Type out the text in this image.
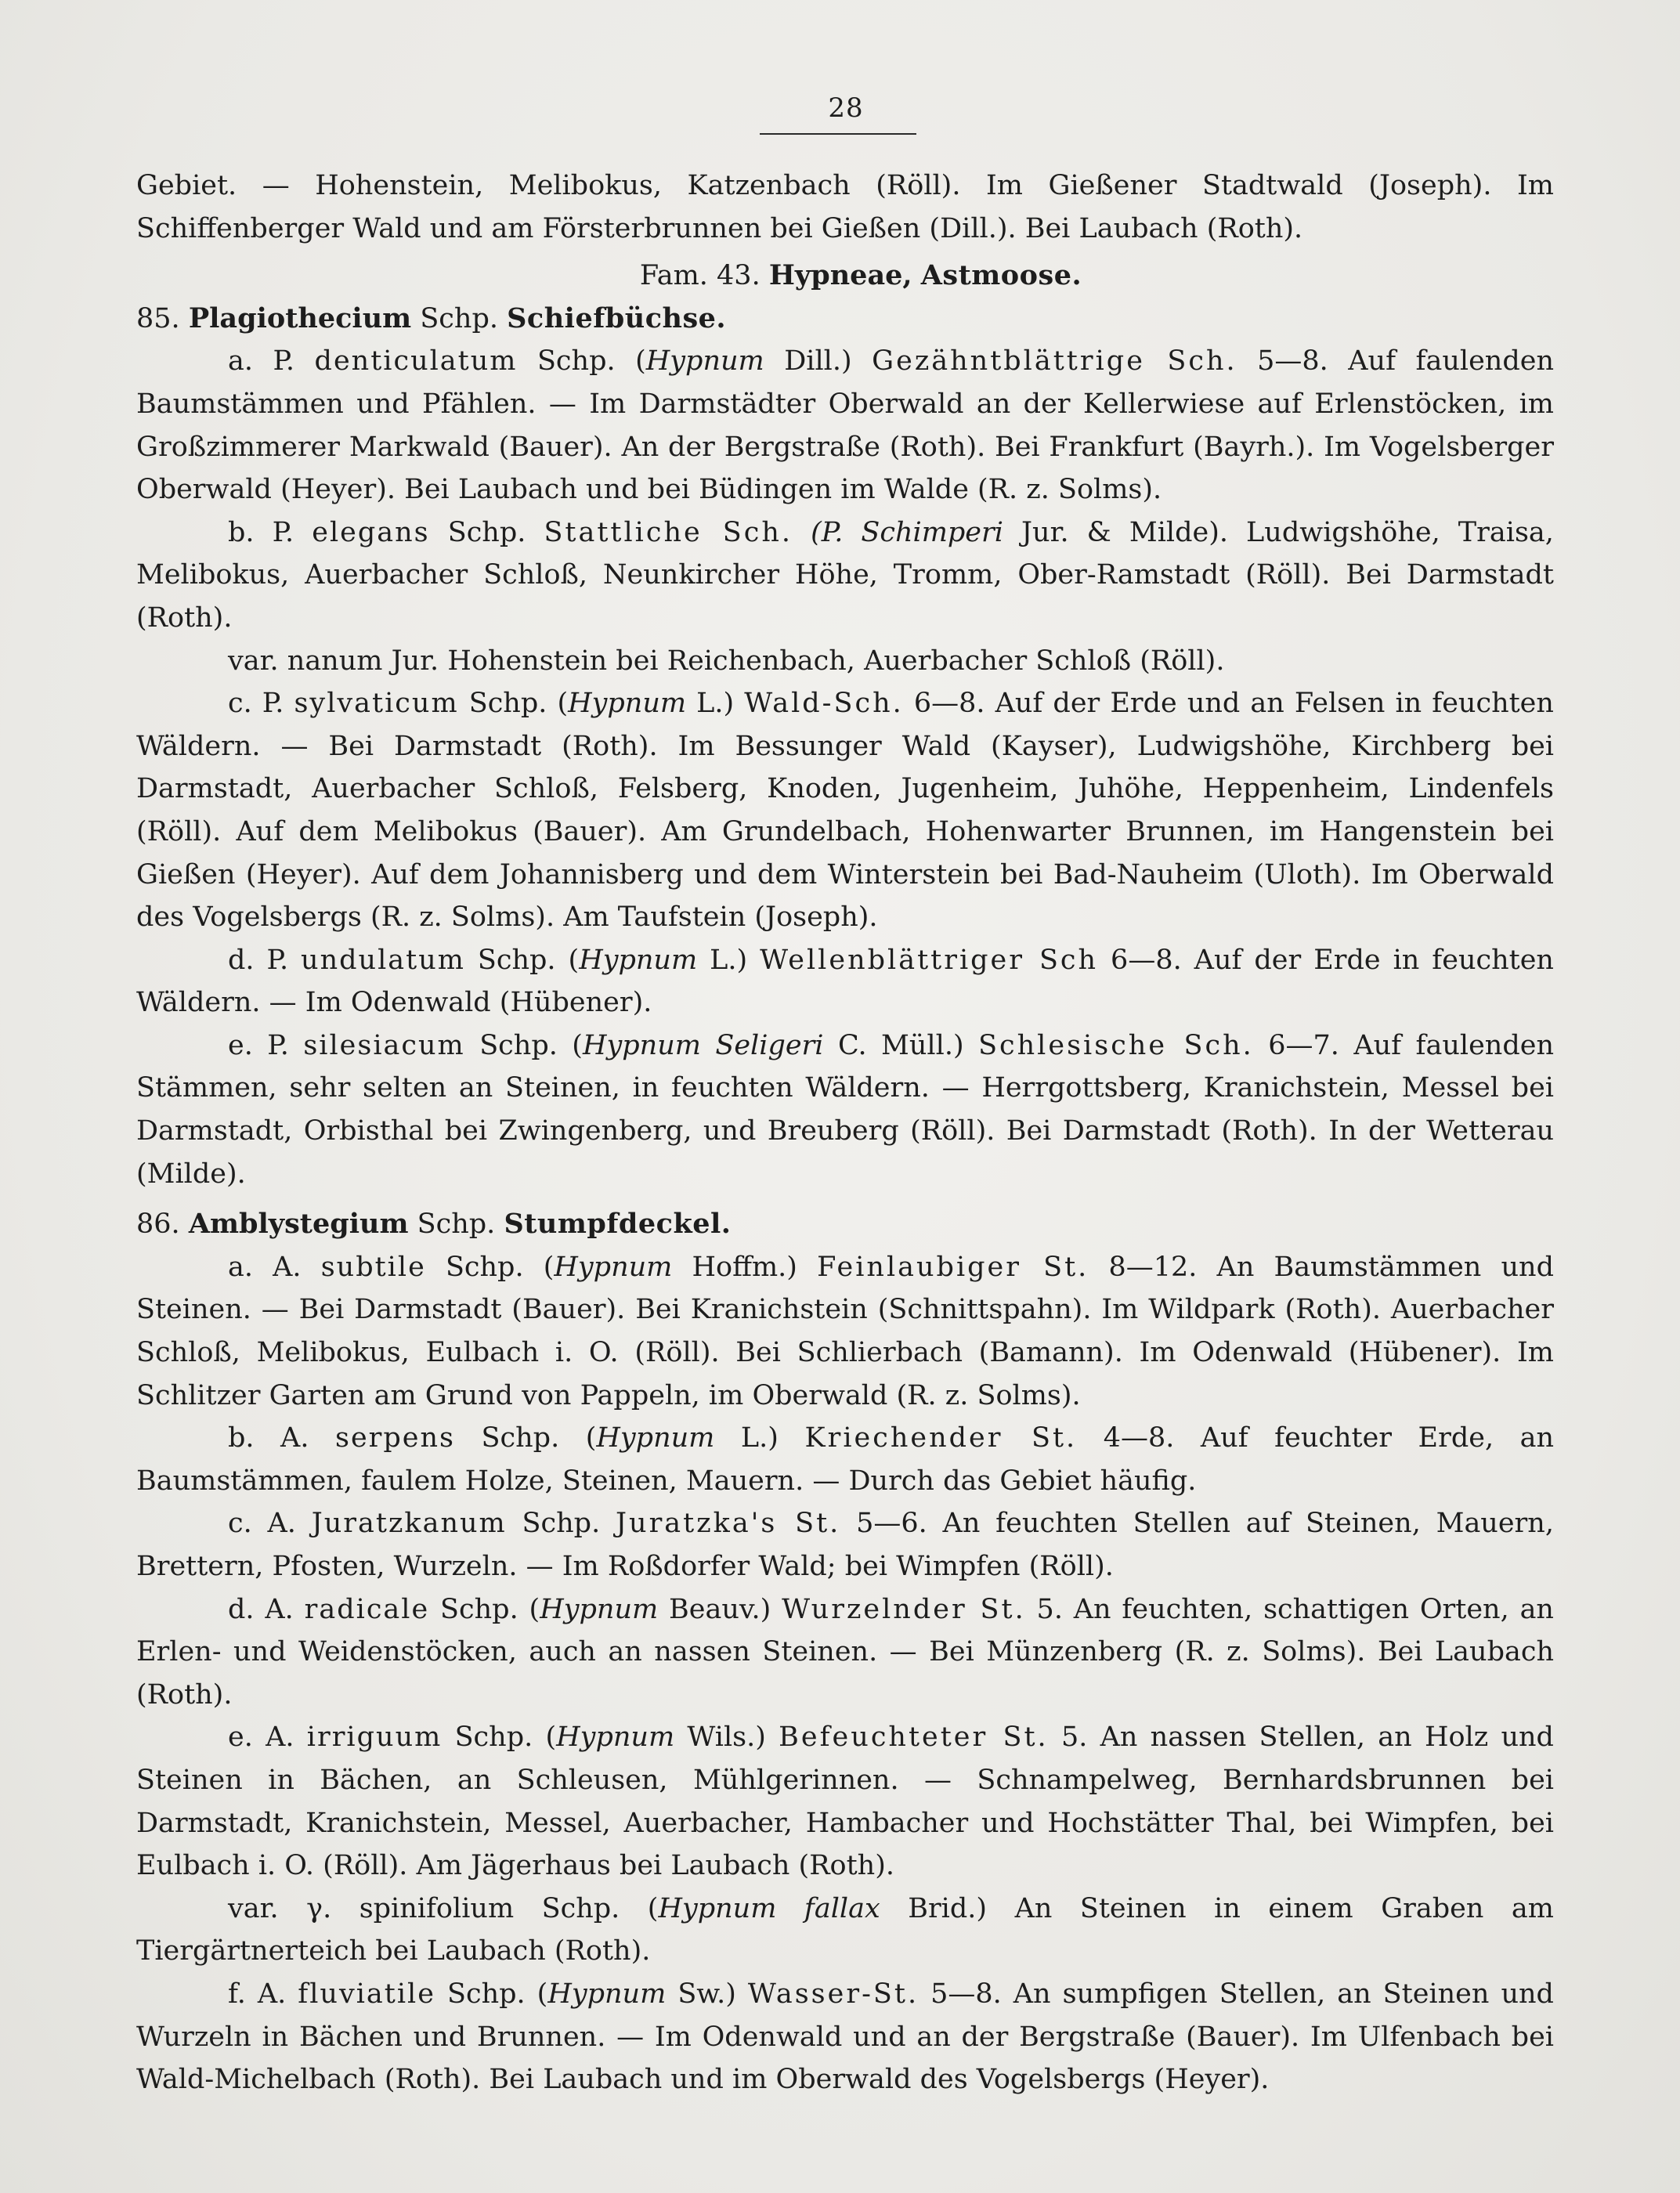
28

Gebiet. — Hohenstein, Melibokus, Katzenbach (Röll). Im Gießener Stadtwald (Joseph). Im Schiffenberger Wald und am Försterbrunnen bei Gießen (Dill.). Bei Laubach (Roth).

Fam. 43. Hypneae, Astmoose.

85. Plagiothecium Schp. Schiefbüchse.

a. P. denticulatum Schp. (Hypnum Dill.) Gezähntblättrige Sch. 5—8. Auf faulenden Baumstämmen und Pfählen. — Im Darmstädter Oberwald an der Kellerwiese auf Erlenstöcken, im Großzimmerer Markwald (Bauer). An der Bergstraße (Roth). Bei Frankfurt (Bayrh.). Im Vogelsberger Oberwald (Heyer). Bei Laubach und bei Büdingen im Walde (R. z. Solms).

b. P. elegans Schp. Stattliche Sch. (P. Schimperi Jur. & Milde). Ludwigshöhe, Traisa, Melibokus, Auerbacher Schloß, Neunkircher Höhe, Tromm, Ober-Ramstadt (Röll). Bei Darmstadt (Roth).

var. nanum Jur. Hohenstein bei Reichenbach, Auerbacher Schloß (Röll).

c. P. sylvaticum Schp. (Hypnum L.) Wald-Sch. 6—8. Auf der Erde und an Felsen in feuchten Wäldern. — Bei Darmstadt (Roth). Im Bessunger Wald (Kayser), Ludwigshöhe, Kirchberg bei Darmstadt, Auerbacher Schloß, Felsberg, Knoden, Jugenheim, Juhöhe, Heppenheim, Lindenfels (Röll). Auf dem Melibokus (Bauer). Am Grundelbach, Hohenwarter Brunnen, im Hangenstein bei Gießen (Heyer). Auf dem Johannisberg und dem Winterstein bei Bad-Nauheim (Uloth). Im Oberwald des Vogelsbergs (R. z. Solms). Am Taufstein (Joseph).

d. P. undulatum Schp. (Hypnum L.) Wellenblättriger Sch 6—8. Auf der Erde in feuchten Wäldern. — Im Odenwald (Hübener).

e. P. silesiacum Schp. (Hypnum Seligeri C. Müll.) Schlesische Sch. 6—7. Auf faulenden Stämmen, sehr selten an Steinen, in feuchten Wäldern. — Herrgottsberg, Kranichstein, Messel bei Darmstadt, Orbisthal bei Zwingenberg, und Breuberg (Röll). Bei Darmstadt (Roth). In der Wetterau (Milde).

86. Amblystegium Schp. Stumpfdeckel.

a. A. subtile Schp. (Hypnum Hoffm.) Feinlaubiger St. 8—12. An Baumstämmen und Steinen. — Bei Darmstadt (Bauer). Bei Kranichstein (Schnittspahn). Im Wildpark (Roth). Auerbacher Schloß, Melibokus, Eulbach i. O. (Röll). Bei Schlierbach (Bamann). Im Odenwald (Hübener). Im Schlitzer Garten am Grund von Pappeln, im Oberwald (R. z. Solms).

b. A. serpens Schp. (Hypnum L.) Kriechender St. 4—8. Auf feuchter Erde, an Baumstämmen, faulem Holze, Steinen, Mauern. — Durch das Gebiet häufig.

c. A. Juratzkanum Schp. Juratzka's St. 5—6. An feuchten Stellen auf Steinen, Mauern, Brettern, Pfosten, Wurzeln. — Im Roßdorfer Wald; bei Wimpfen (Röll).

d. A. radicale Schp. (Hypnum Beauv.) Wurzelnder St. 5. An feuchten, schattigen Orten, an Erlen- und Weidenstöcken, auch an nassen Steinen. — Bei Münzenberg (R. z. Solms). Bei Laubach (Roth).

e. A. irriguum Schp. (Hypnum Wils.) Befeuchteter St. 5. An nassen Stellen, an Holz und Steinen in Bächen, an Schleusen, Mühlgerinnen. — Schnampelweg, Bernhardsbrunnen bei Darmstadt, Kranichstein, Messel, Auerbacher, Hambacher und Hochstätter Thal, bei Wimpfen, bei Eulbach i. O. (Röll). Am Jägerhaus bei Laubach (Roth).

var. γ. spinifolium Schp. (Hypnum fallax Brid.) An Steinen in einem Graben am Tiergärtnerteich bei Laubach (Roth).

f. A. fluviatile Schp. (Hypnum Sw.) Wasser-St. 5—8. An sumpfigen Stellen, an Steinen und Wurzeln in Bächen und Brunnen. — Im Odenwald und an der Bergstraße (Bauer). Im Ulfenbach bei Wald-Michelbach (Roth). Bei Laubach und im Oberwald des Vogelsbergs (Heyer).
